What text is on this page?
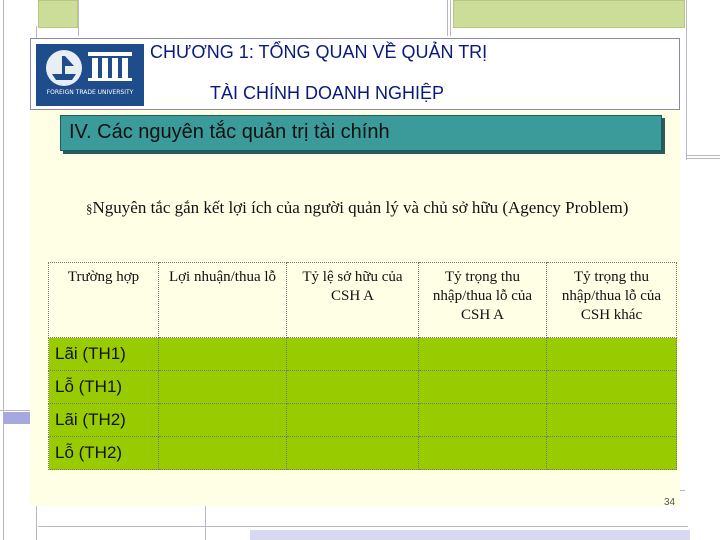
FOREIGN TRADE UNIVERSITY
CHƯƠNG 1: TỔNG QUAN VỀ QUẢN TRỊ
TÀI CHÍNH DOANH NGHIỆP
IV. Các nguyên tắc quản trị tài chính
§Nguyên tắc gắn kết lợi ích của người quản lý và chủ sở hữu (Agency Problem)
Trường hợp	Lợi nhuận/thua lỗ	Tỷ lệ sở hữu của CSH A	Tỷ trọng thu nhập/thua lỗ của CSH A	Tỷ trọng thu nhập/thua lỗ của CSH khác
Lãi (TH1)				
Lỗ (TH1)				
Lãi (TH2)				
Lỗ (TH2)				
34
